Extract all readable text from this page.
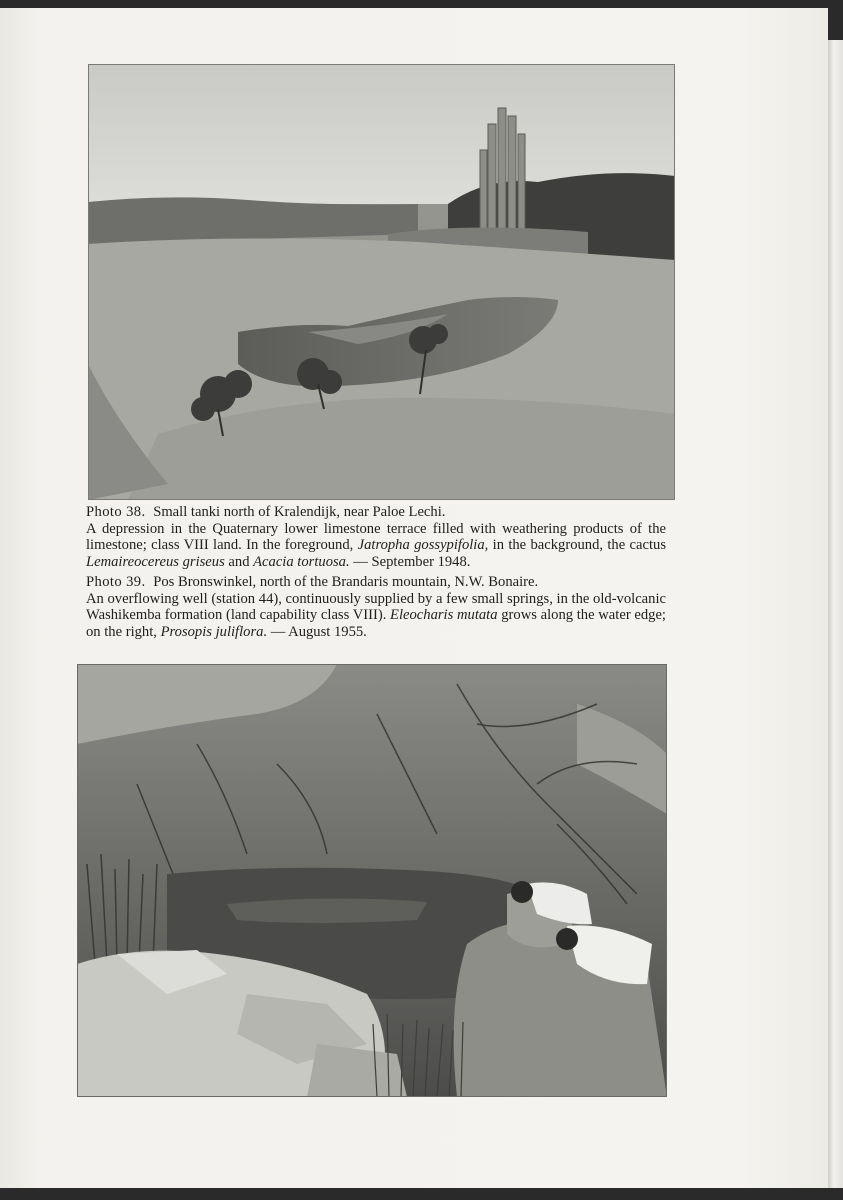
Photo 38. Small tanki north of Kralendijk, near Paloe Lechi.
A depression in the Quaternary lower limestone terrace filled with weathering products of the limestone; class VIII land. In the foreground, Jatropha gossypifolia, in the background, the cactus Lemaireocereus griseus and Acacia tortuosa. — September 1948.

Photo 39. Pos Bronswinkel, north of the Brandaris mountain, N.W. Bonaire.
An overflowing well (station 44), continuously supplied by a few small springs, in the old-volcanic Washikemba formation (land capability class VIII). Eleocharis mutata grows along the water edge; on the right, Prosopis juliflora. — August 1955.
